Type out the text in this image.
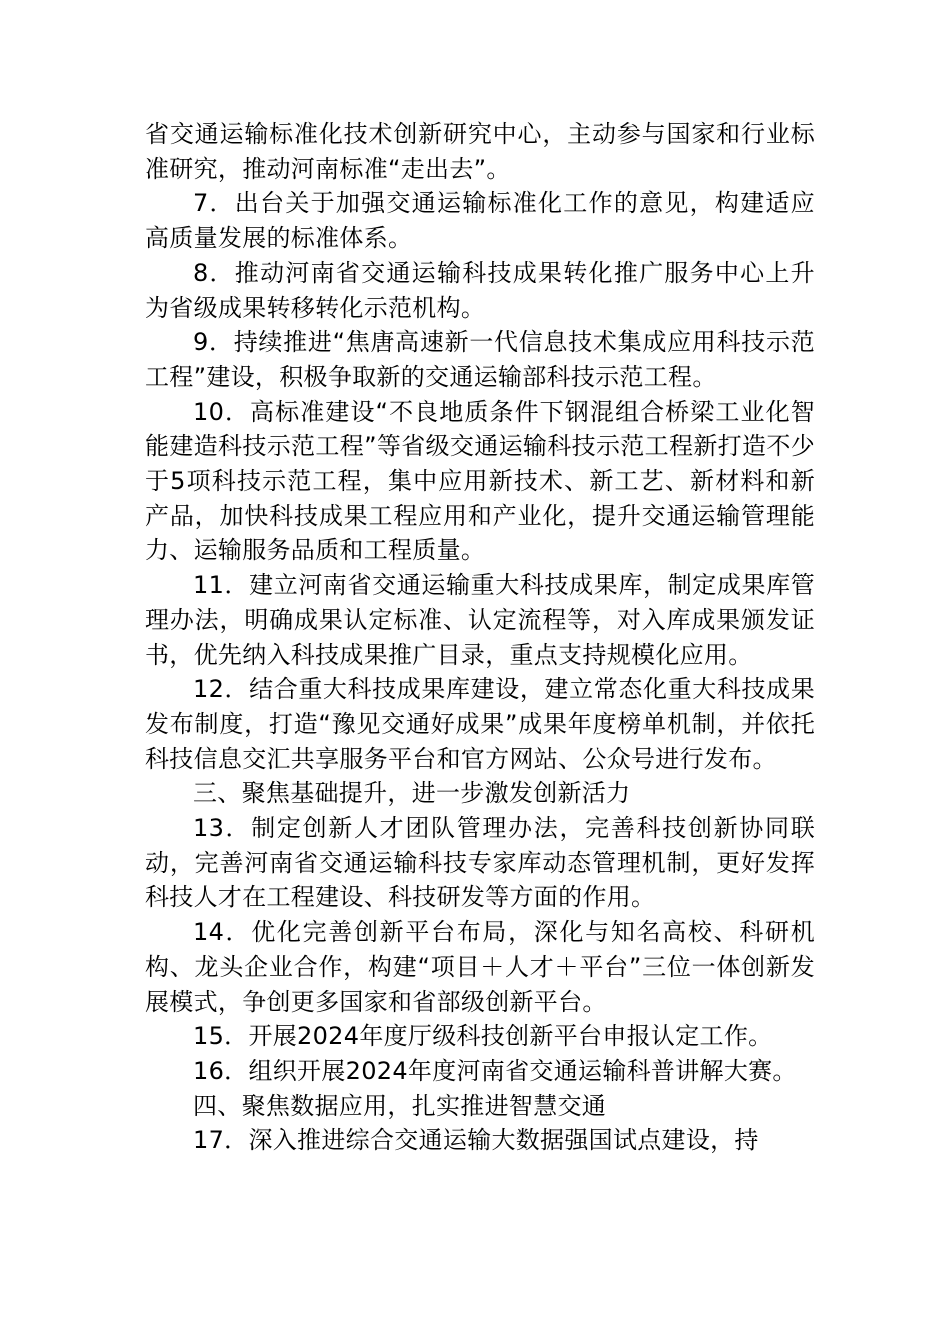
省交通运输标准化技术创新研究中心，主动参与国家和行业标准研究，推动河南标准“走出去”。

7．出台关于加强交通运输标准化工作的意见，构建适应高质量发展的标准体系。

8．推动河南省交通运输科技成果转化推广服务中心上升为省级成果转移转化示范机构。

9．持续推进“焦唐高速新一代信息技术集成应用科技示范工程”建设，积极争取新的交通运输部科技示范工程。

10．高标准建设“不良地质条件下钢混组合桥梁工业化智能建造科技示范工程”等省级交通运输科技示范工程新打造不少于5项科技示范工程，集中应用新技术、新工艺、新材料和新产品，加快科技成果工程应用和产业化，提升交通运输管理能力、运输服务品质和工程质量。

11．建立河南省交通运输重大科技成果库，制定成果库管理办法，明确成果认定标准、认定流程等，对入库成果颁发证书，优先纳入科技成果推广目录，重点支持规模化应用。

12．结合重大科技成果库建设，建立常态化重大科技成果发布制度，打造“豫见交通好成果”成果年度榜单机制，并依托科技信息交汇共享服务平台和官方网站、公众号进行发布。

三、聚焦基础提升，进一步激发创新活力

13．制定创新人才团队管理办法，完善科技创新协同联动，完善河南省交通运输科技专家库动态管理机制，更好发挥科技人才在工程建设、科技研发等方面的作用。

14．优化完善创新平台布局，深化与知名高校、科研机构、龙头企业合作，构建“项目＋人才＋平台”三位一体创新发展模式，争创更多国家和省部级创新平台。

15．开展2024年度厅级科技创新平台申报认定工作。

16．组织开展2024年度河南省交通运输科普讲解大赛。

四、聚焦数据应用，扎实推进智慧交通

17．深入推进综合交通运输大数据强国试点建设，持
